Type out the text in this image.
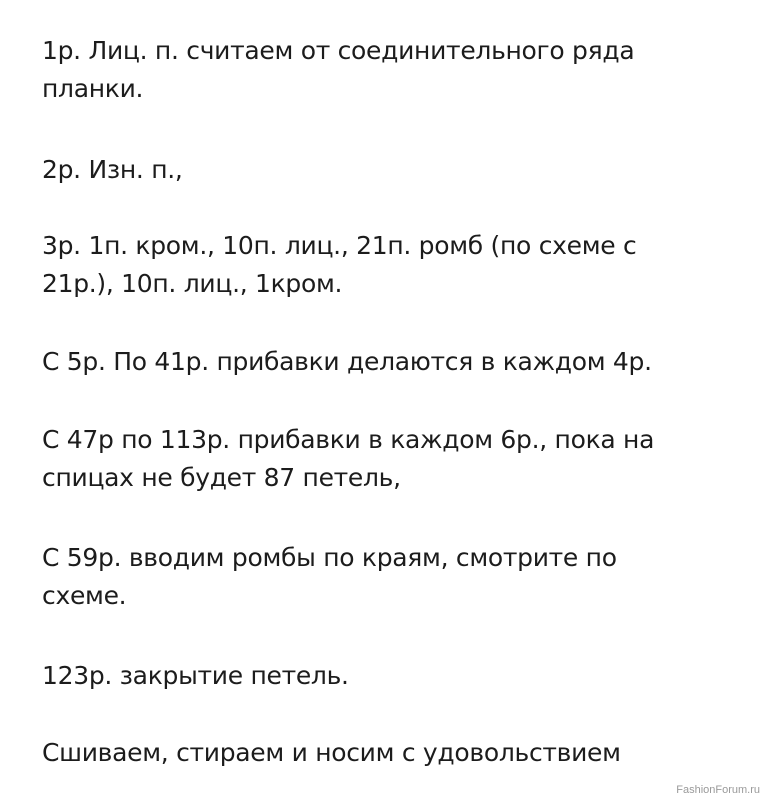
1р. Лиц. п. считаем от соединительного ряда
планки.

2р. Изн. п.,

3р. 1п. кром., 10п. лиц., 21п. ромб (по схеме с
21р.), 10п. лиц., 1кром.

С 5р. По 41р. прибавки делаются в каждом 4р.

С 47р по 113р. прибавки в каждом 6р., пока на
спицах не будет 87 петель,

С 59р. вводим ромбы по краям, смотрите по
схеме.

123р. закрытие петель.

Сшиваем, стираем и носим с удовольствием

FashionForum.ru
